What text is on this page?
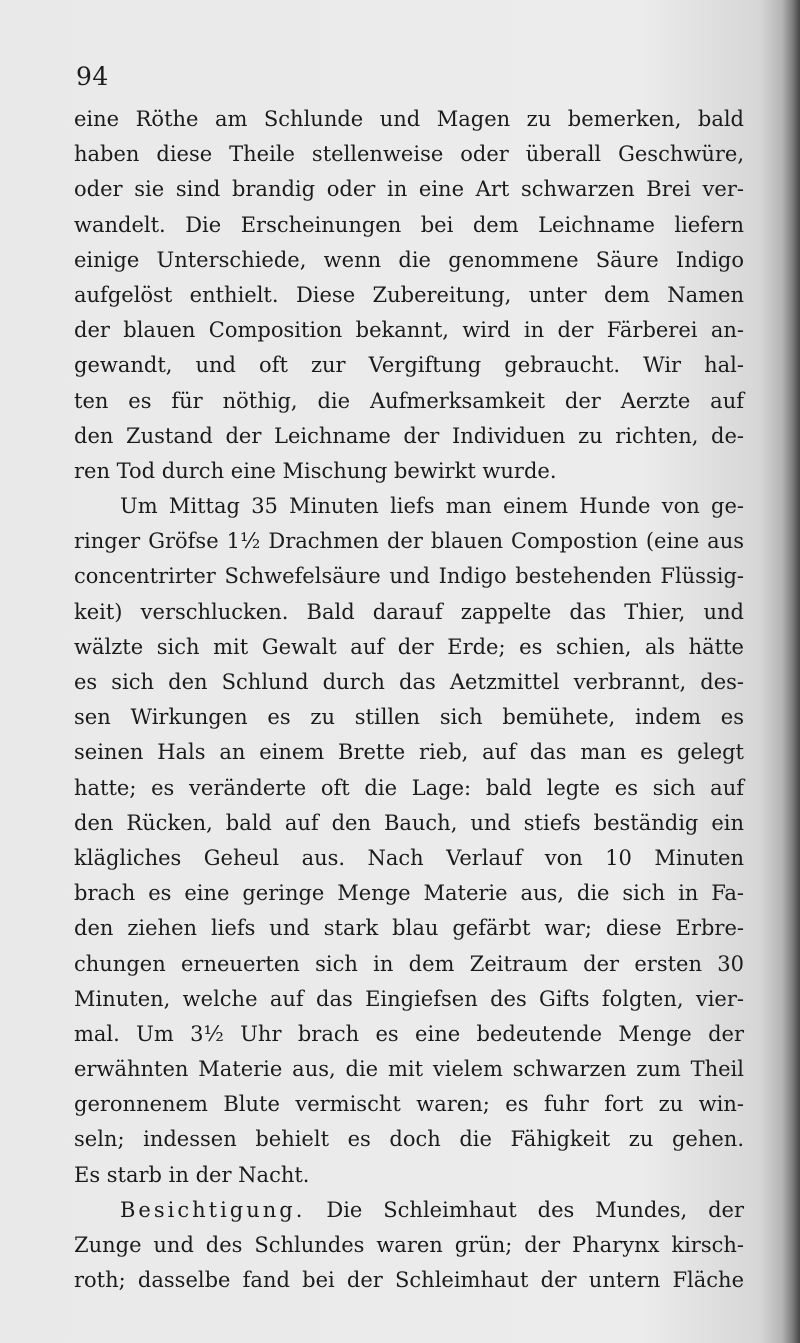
94
eine Röthe am Schlunde und Magen zu bemerken, bald
haben diese Theile stellenweise oder überall Geschwüre,
oder sie sind brandig oder in eine Art schwarzen Brei ver-
wandelt. Die Erscheinungen bei dem Leichname liefern
einige Unterschiede, wenn die genommene Säure Indigo
aufgelöst enthielt. Diese Zubereitung, unter dem Namen
der blauen Composition bekannt, wird in der Färberei an-
gewandt, und oft zur Vergiftung gebraucht. Wir hal-
ten es für nöthig, die Aufmerksamkeit der Aerzte auf
den Zustand der Leichname der Individuen zu richten, de-
ren Tod durch eine Mischung bewirkt wurde.
Um Mittag 35 Minuten liefs man einem Hunde von ge-
ringer Gröfse 1½ Drachmen der blauen Compostion (eine aus
concentrirter Schwefelsäure und Indigo bestehenden Flüssig-
keit) verschlucken. Bald darauf zappelte das Thier, und
wälzte sich mit Gewalt auf der Erde; es schien, als hätte
es sich den Schlund durch das Aetzmittel verbrannt, des-
sen Wirkungen es zu stillen sich bemühete, indem es
seinen Hals an einem Brette rieb, auf das man es gelegt
hatte; es veränderte oft die Lage: bald legte es sich auf
den Rücken, bald auf den Bauch, und stiefs beständig ein
klägliches Geheul aus. Nach Verlauf von 10 Minuten
brach es eine geringe Menge Materie aus, die sich in Fa-
den ziehen liefs und stark blau gefärbt war; diese Erbre-
chungen erneuerten sich in dem Zeitraum der ersten 30
Minuten, welche auf das Eingiefsen des Gifts folgten, vier-
mal. Um 3½ Uhr brach es eine bedeutende Menge der
erwähnten Materie aus, die mit vielem schwarzen zum Theil
geronnenem Blute vermischt waren; es fuhr fort zu win-
seln; indessen behielt es doch die Fähigkeit zu gehen.
Es starb in der Nacht.
Besichtigung. Die Schleimhaut des Mundes, der
Zunge und des Schlundes waren grün; der Pharynx kirsch-
roth; dasselbe fand bei der Schleimhaut der untern Fläche
